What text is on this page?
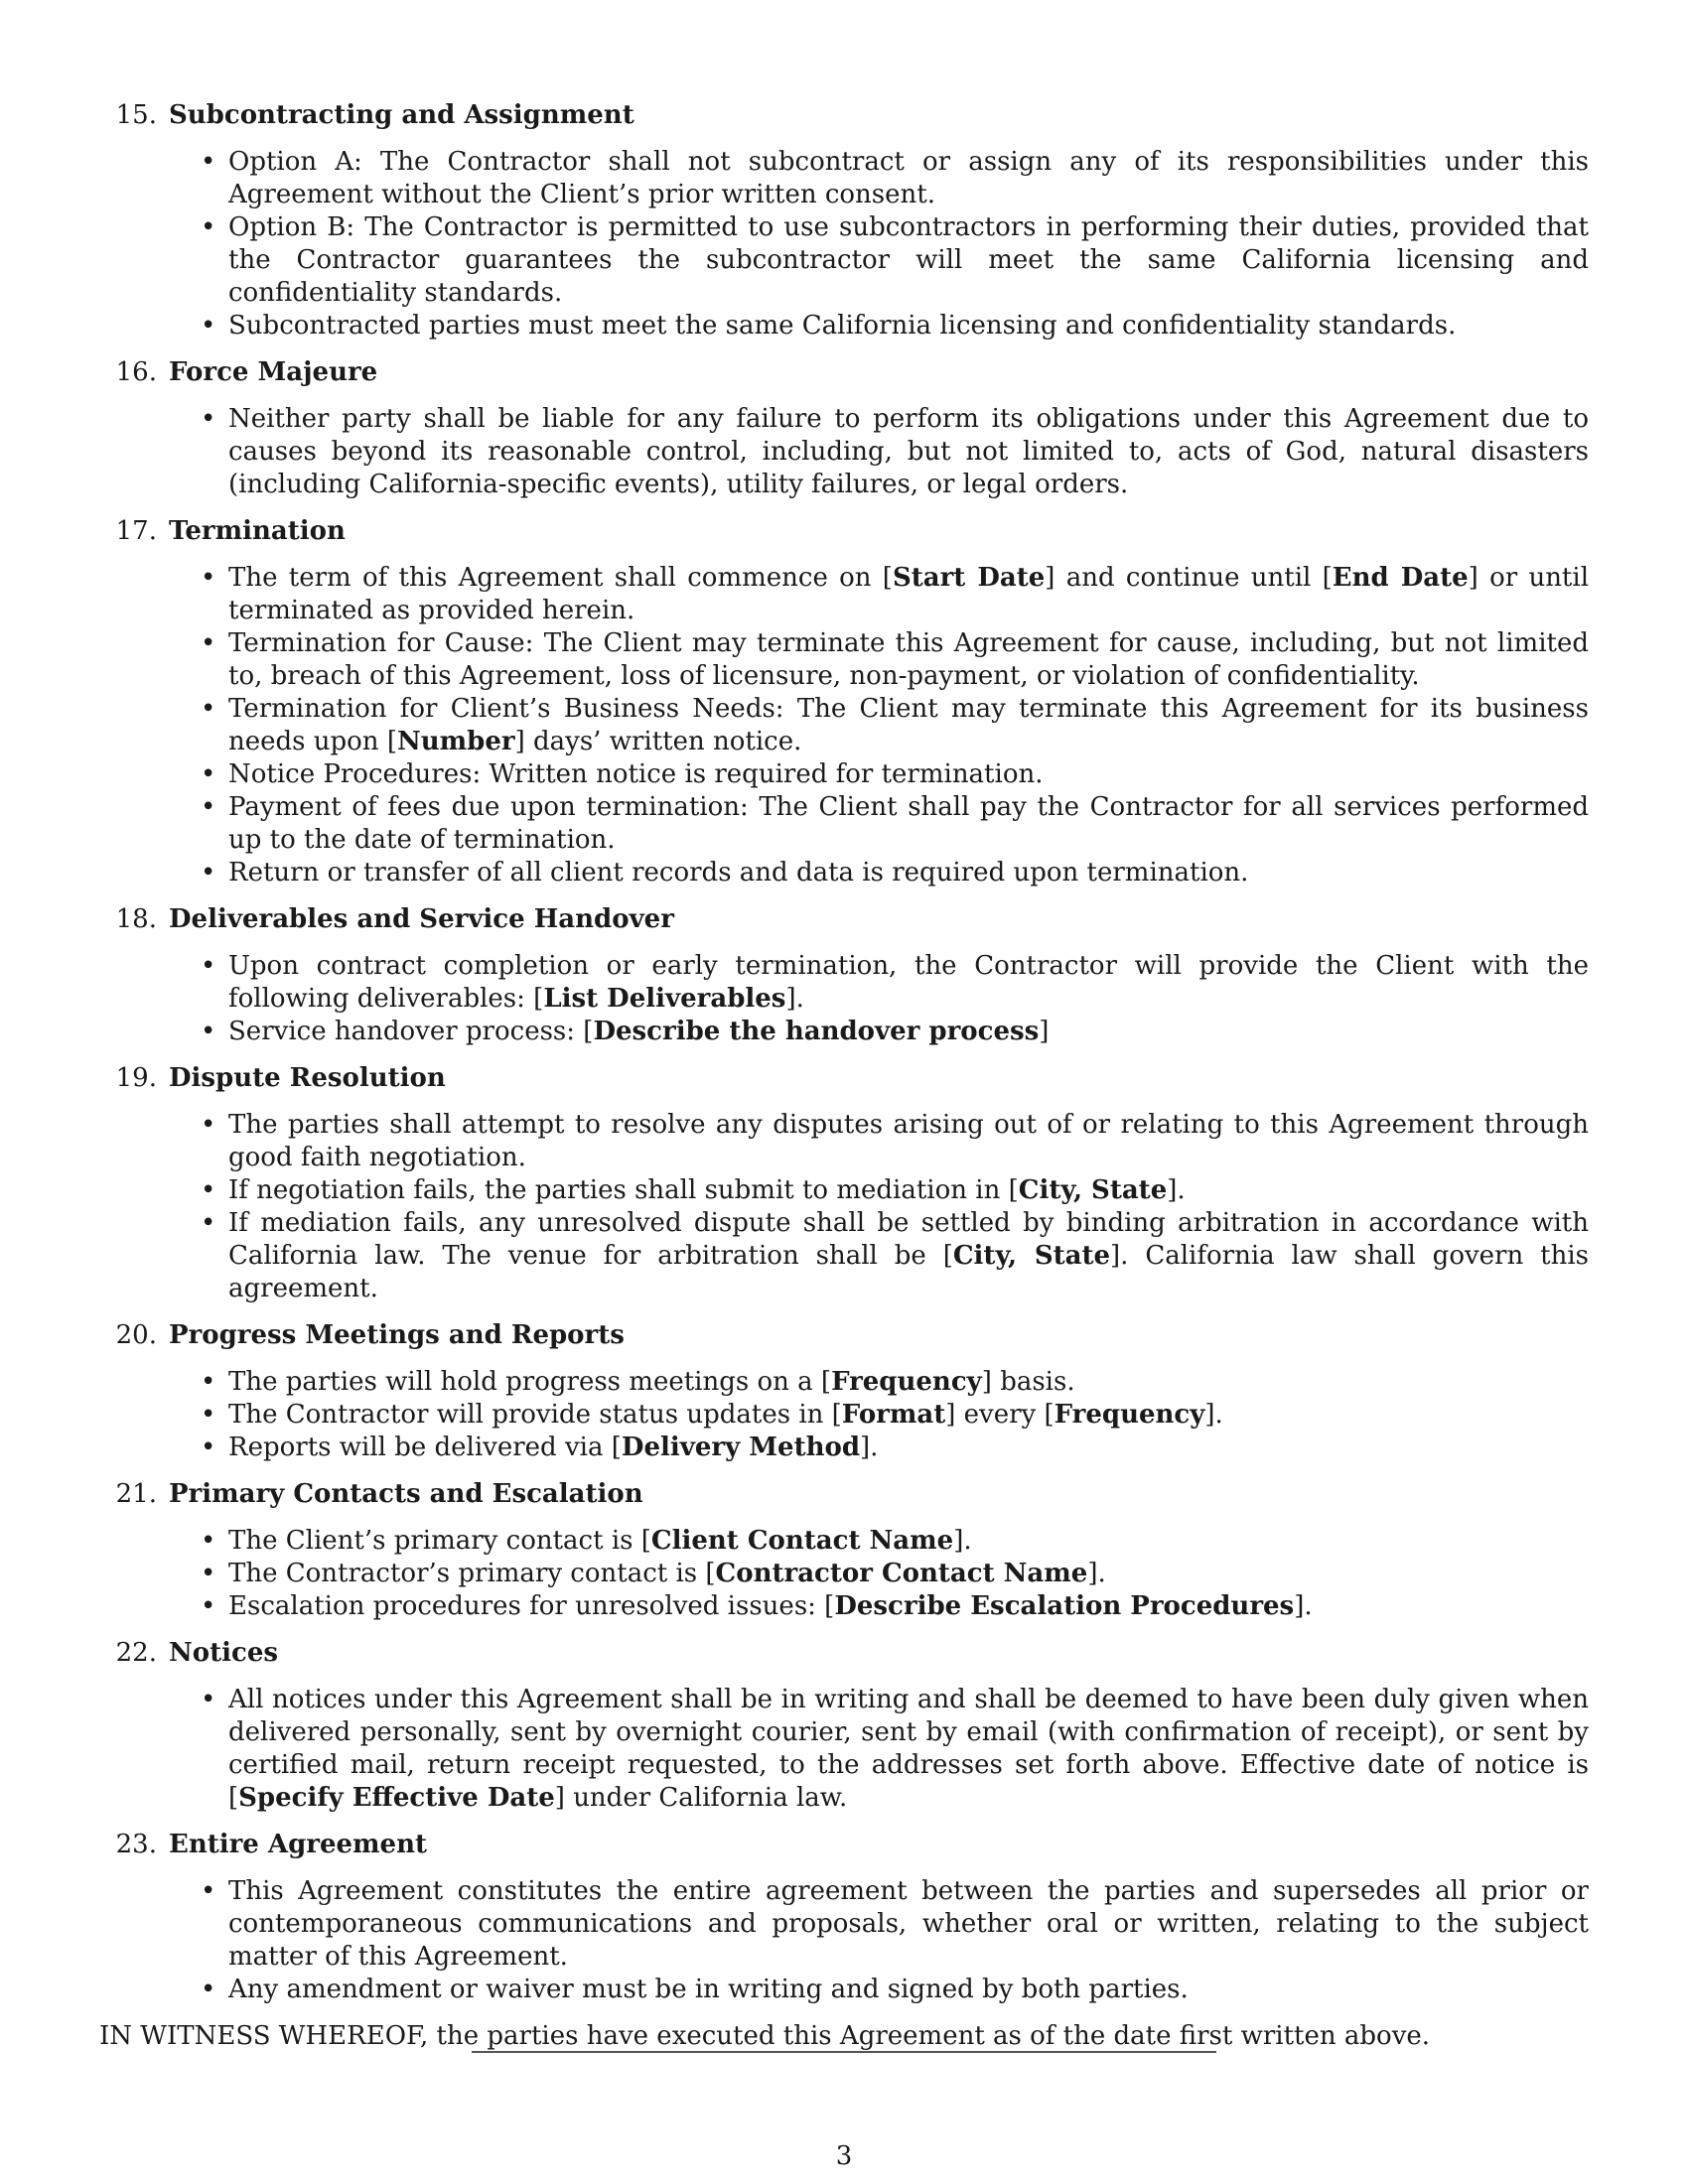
15. Subcontracting and Assignment
• Option A: The Contractor shall not subcontract or assign any of its responsibilities under this Agreement without the Client’s prior written consent.
• Option B: The Contractor is permitted to use subcontractors in performing their duties, provided that the Contractor guarantees the subcontractor will meet the same California licensing and confidentiality standards.
• Subcontracted parties must meet the same California licensing and confidentiality standards.
16. Force Majeure
• Neither party shall be liable for any failure to perform its obligations under this Agreement due to causes beyond its reasonable control, including, but not limited to, acts of God, natural disasters (including California-specific events), utility failures, or legal orders.
17. Termination
• The term of this Agreement shall commence on [Start Date] and continue until [End Date] or until terminated as provided herein.
• Termination for Cause: The Client may terminate this Agreement for cause, including, but not limited to, breach of this Agreement, loss of licensure, non-payment, or violation of confidentiality.
• Termination for Client’s Business Needs: The Client may terminate this Agreement for its business needs upon [Number] days’ written notice.
• Notice Procedures: Written notice is required for termination.
• Payment of fees due upon termination: The Client shall pay the Contractor for all services performed up to the date of termination.
• Return or transfer of all client records and data is required upon termination.
18. Deliverables and Service Handover
• Upon contract completion or early termination, the Contractor will provide the Client with the following deliverables: [List Deliverables].
• Service handover process: [Describe the handover process]
19. Dispute Resolution
• The parties shall attempt to resolve any disputes arising out of or relating to this Agreement through good faith negotiation.
• If negotiation fails, the parties shall submit to mediation in [City, State].
• If mediation fails, any unresolved dispute shall be settled by binding arbitration in accordance with California law. The venue for arbitration shall be [City, State]. California law shall govern this agreement.
20. Progress Meetings and Reports
• The parties will hold progress meetings on a [Frequency] basis.
• The Contractor will provide status updates in [Format] every [Frequency].
• Reports will be delivered via [Delivery Method].
21. Primary Contacts and Escalation
• The Client’s primary contact is [Client Contact Name].
• The Contractor’s primary contact is [Contractor Contact Name].
• Escalation procedures for unresolved issues: [Describe Escalation Procedures].
22. Notices
• All notices under this Agreement shall be in writing and shall be deemed to have been duly given when delivered personally, sent by overnight courier, sent by email (with confirmation of receipt), or sent by certified mail, return receipt requested, to the addresses set forth above. Effective date of notice is [Specify Effective Date] under California law.
23. Entire Agreement
• This Agreement constitutes the entire agreement between the parties and supersedes all prior or contemporaneous communications and proposals, whether oral or written, relating to the subject matter of this Agreement.
• Any amendment or waiver must be in writing and signed by both parties.

IN WITNESS WHEREOF, the parties have executed this Agreement as of the date first written above.

3
